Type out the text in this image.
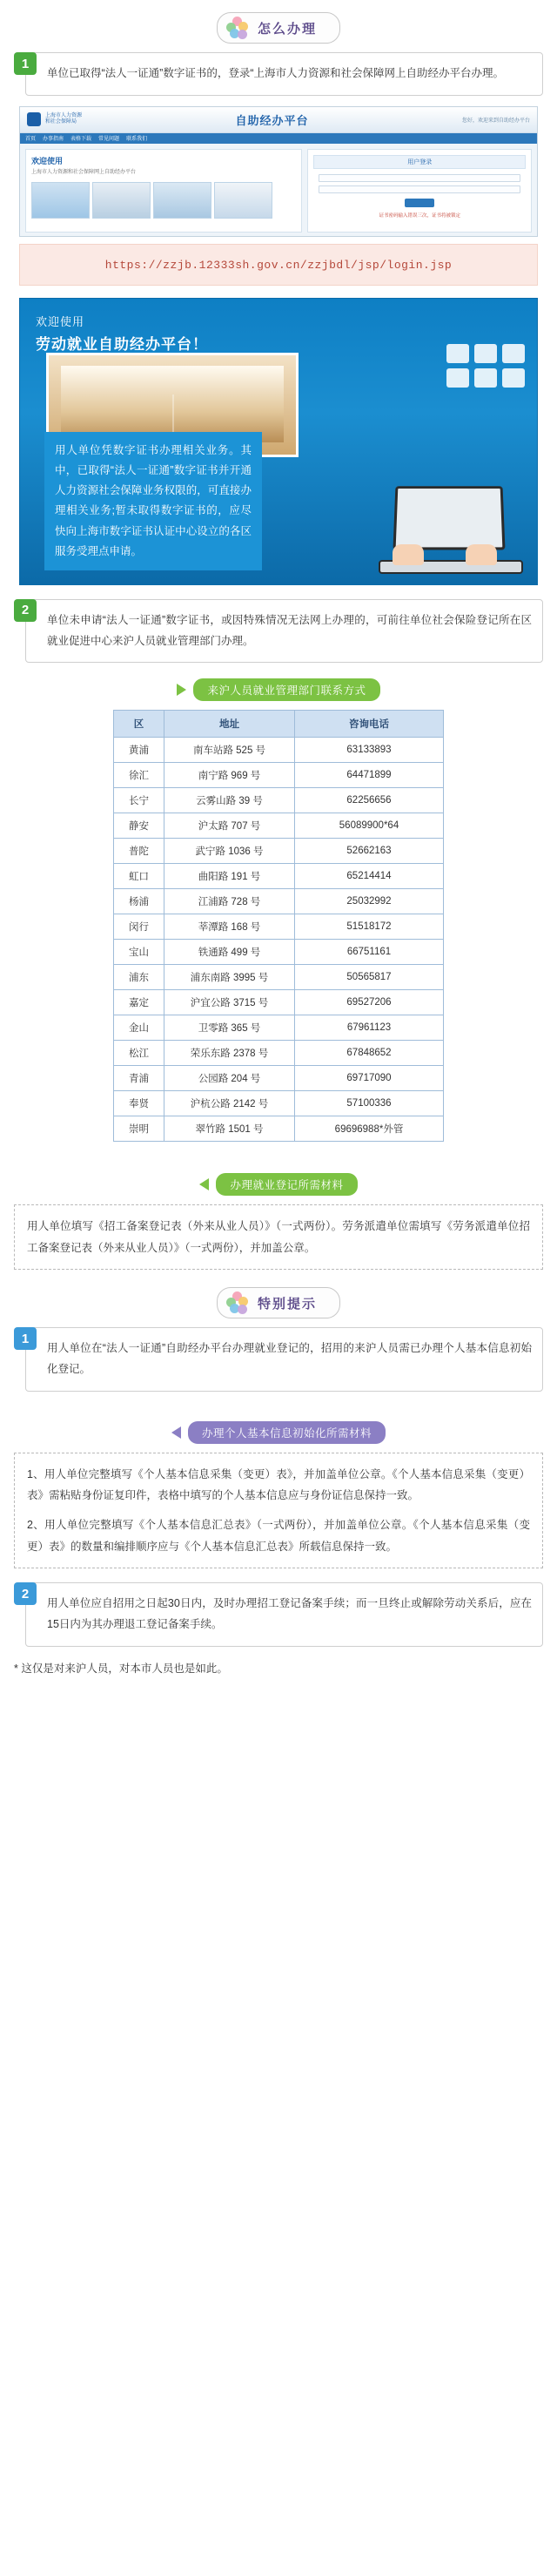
怎么办理
1

单位已取得“法人一证通”数字证书的，登录“上海市人力资源和社会保障网上自助经办平台办理。

上海市人力资源
和社会保障局	自助经办平台	您好，欢迎来到自助经办平台
首页 办事指南 表格下载 常见问题 联系我们
欢迎使用
上海市人力资源和社会保障网上自助经办平台
用户登录
证书密码输入错误三次，证书将被锁定
https://zzjb.12333sh.gov.cn/zzjbdl/jsp/login.jsp
欢迎使用
劳动就业自助经办平台！
用人单位凭数字证书办理相关业务。其中，已取得“法人一证通”数字证书并开通人力资源社会保障业务权限的，可直接办理相关业务;暂未取得数字证书的，应尽快向上海市数字证书认证中心设立的各区服务受理点申请。
2

单位未申请“法人一证通”数字证书，或因特殊情况无法网上办理的，可前往单位社会保险登记所在区就业促进中心来沪人员就业管理部门办理。

来沪人员就业管理部门联系方式
区	地址	咨询电话
黄浦	南车站路 525 号	63133893
徐汇	南宁路 969 号	64471899
长宁	云雾山路 39 号	62256656
静安	沪太路 707 号	56089900*64
普陀	武宁路 1036 号	52662163
虹口	曲阳路 191 号	65214414
杨浦	江浦路 728 号	25032992
闵行	莘潭路 168 号	51518172
宝山	铁通路 499 号	66751161
浦东	浦东南路 3995 号	50565817
嘉定	沪宜公路 3715 号	69527206
金山	卫零路 365 号	67961123
松江	荣乐东路 2378 号	67848652
青浦	公园路 204 号	69717090
奉贤	沪杭公路 2142 号	57100336
崇明	翠竹路 1501 号	69696988*外管
办理就业登记所需材料

用人单位填写《招工备案登记表（外来从业人员）》（一式两份）。劳务派遣单位需填写《劳务派遣单位招工备案登记表（外来从业人员）》（一式两份），并加盖公章。

特别提示
1

用人单位在“法人一证通”自助经办平台办理就业登记的，招用的来沪人员需已办理个人基本信息初始化登记。

办理个人基本信息初始化所需材料

1、用人单位完整填写《个人基本信息采集（变更）表》，并加盖单位公章。《个人基本信息采集（变更）表》需粘贴身份证复印件，表格中填写的个人基本信息应与身份证信息保持一致。

2、用人单位完整填写《个人基本信息汇总表》（一式两份），并加盖单位公章。《个人基本信息采集（变更）表》的数量和编排顺序应与《个人基本信息汇总表》所载信息保持一致。

2

用人单位应自招用之日起30日内，及时办理招工登记备案手续；而一旦终止或解除劳动关系后，应在15日内为其办理退工登记备案手续。

* 这仅是对来沪人员，对本市人员也是如此。
